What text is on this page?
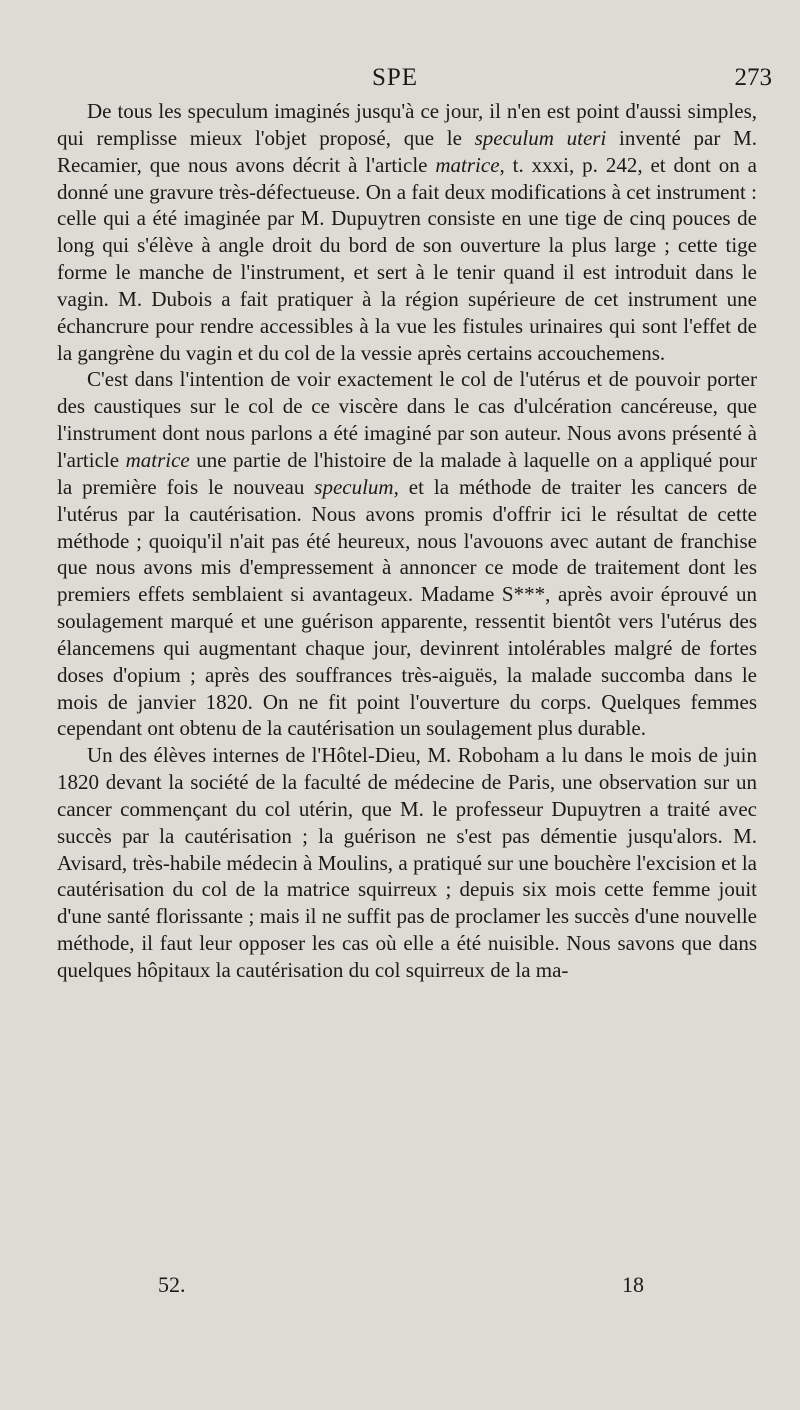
SPE	273

De tous les speculum imaginés jusqu'à ce jour, il n'en est point d'aussi simples, qui remplisse mieux l'objet proposé, que le speculum uteri inventé par M. Recamier, que nous avons décrit à l'article matrice, t. xxxi, p. 242, et dont on a donné une gravure très-défectueuse. On a fait deux modifications à cet instrument : celle qui a été imaginée par M. Dupuytren consiste en une tige de cinq pouces de long qui s'élève à angle droit du bord de son ouverture la plus large ; cette tige forme le manche de l'instrument, et sert à le tenir quand il est introduit dans le vagin. M. Dubois a fait pratiquer à la région supérieure de cet instrument une échancrure pour rendre accessibles à la vue les fistules urinaires qui sont l'effet de la gangrène du vagin et du col de la vessie après certains accouchemens.

C'est dans l'intention de voir exactement le col de l'utérus et de pouvoir porter des caustiques sur le col de ce viscère dans le cas d'ulcération cancéreuse, que l'instrument dont nous parlons a été imaginé par son auteur. Nous avons présenté à l'article matrice une partie de l'histoire de la malade à laquelle on a appliqué pour la première fois le nouveau speculum, et la méthode de traiter les cancers de l'utérus par la cautérisation. Nous avons promis d'offrir ici le résultat de cette méthode ; quoiqu'il n'ait pas été heureux, nous l'avouons avec autant de franchise que nous avons mis d'empressement à annoncer ce mode de traitement dont les premiers effets semblaient si avantageux. Madame S***, après avoir éprouvé un soulagement marqué et une guérison apparente, ressentit bientôt vers l'utérus des élancemens qui augmentant chaque jour, devinrent intolérables malgré de fortes doses d'opium ; après des souffrances très-aiguës, la malade succomba dans le mois de janvier 1820. On ne fit point l'ouverture du corps. Quelques femmes cependant ont obtenu de la cautérisation un soulagement plus durable.

Un des élèves internes de l'Hôtel-Dieu, M. Roboham a lu dans le mois de juin 1820 devant la société de la faculté de médecine de Paris, une observation sur un cancer commençant du col utérin, que M. le professeur Dupuytren a traité avec succès par la cautérisation ; la guérison ne s'est pas démentie jusqu'alors. M. Avisard, très-habile médecin à Moulins, a pratiqué sur une bouchère l'excision et la cautérisation du col de la matrice squirreux ; depuis six mois cette femme jouit d'une santé florissante ; mais il ne suffit pas de proclamer les succès d'une nouvelle méthode, il faut leur opposer les cas où elle a été nuisible. Nous savons que dans quelques hôpitaux la cautérisation du col squirreux de la ma-

52.	18
